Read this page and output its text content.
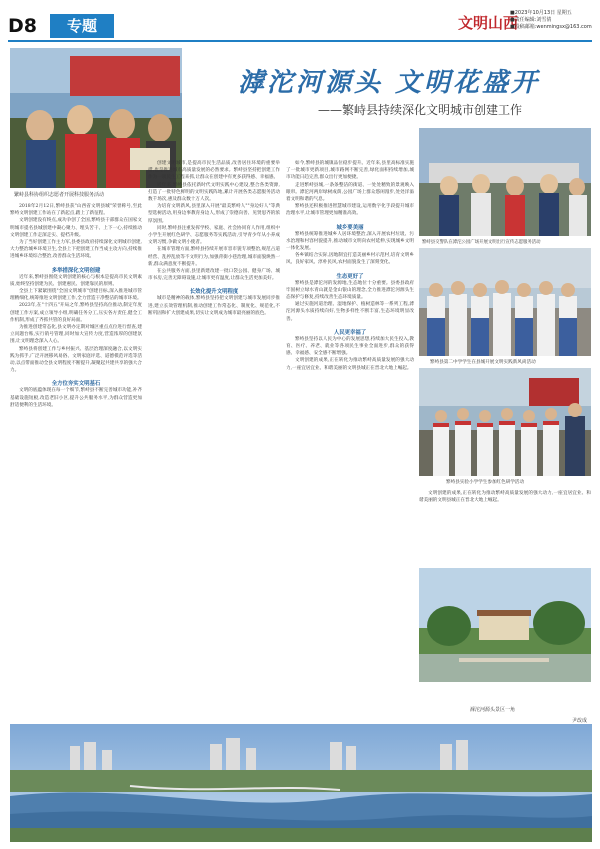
D8	专题	文明山西
■2023年10月13日 星期五
■责任编辑:刘雪倩
■投稿邮箱:wenmingsx@163.com
滹沱河源头 文明花盛开
——繁峙县持续深化文明城市创建工作
繁峙县科协组织志愿者开展科技服务活动
繁峙县交警队在滹沱公园广场开展文明出行宣传志愿服务活动
繁峙县第二中学学生在县城开展文明实践新风尚活动
繁峙县实验小学学生参加红色研学活动
滹沱河源头景区一角

2018年2月12日,繁峙县获"山西省文明县城"荣誉称号,至此繁峙文明创建工作站在了新起点,踏上了新征程。

文明创建没有终点,成功争创了全国,繁峙县干部群众在国家文明城市提名县城创建中凝心聚力、埋头苦干、上下一心,持续推动文明创建工作走深走实、提档升级。

为了当好创建工作主力军,县委县政府持续深化文明城市创建,大力整治城乡环境卫生,全县上下把创建工作当成主攻方向,持续推进城乡环境综合整治,改善群众生活环境。

多举措深化文明创建

近年来,繁峙县围绕文明创建的核心与根本是提高市民文明素质,始终坚持创建为民、创建惠民、创建靠民的原则。

全县上下紧紧围绕"全国文明城市"创建目标,深入推进城市管理精细化,统筹推进文明创建工作,全力营造干净整洁的城市环境。

2023年,在"十四五"开局之年,繁峙县坚持高位推动,制定年度创建工作方案,成立领导小组,明确任务分工,压实各方责任,健全工作机制,形成了齐抓共管的良好局面。

为推进创建常态化,县文明办定期对城区重点点位进行督查,建立问题台账,实行销号管理,同时加大宣传力度,营造浓厚的创建氛围,让文明理念深入人心。

繁峙县将创建工作与乡村振兴、基层治理深度融合,以文明实践为抓手,广泛开展移风易俗、文明家庭评选、道德模范评选等活动,以点带面推动全县文明程度不断提升,凝聚起共建共享的强大合力。

全方位夯实文明基石

文明的底蕴体现在每一个细节,繁峙县不断完善城市功能,补齐基础设施短板,改造老旧小区,提升公共服务水平,为群众营造更加舒适便利的生活环境。

创建文明城市,是提高市民生活品质,改善居住环境的重要举措,也是推进城市高质量发展的必然要求。繁峙县坚持把创建工作作为一项民生工程来抓,让群众在创建中有更多获得感、幸福感。

近年来,繁峙县依托新时代文明实践中心建设,整合各类资源,打造了一批特色鲜明的文明实践阵地,累计开展各类志愿服务活动数千场次,惠及群众数十万人次。

为培育文明新风,县里深入开展"最美繁峙人""身边好人"等典型选树活动,用身边事教育身边人,形成了崇德向善、见贤思齐的浓厚氛围。

同时,繁峙县注重发挥学校、家庭、社会协同育人作用,组织中小学生开展红色研学、志愿服务等实践活动,引导青少年从小养成文明习惯,争做文明小使者。

在城市管理方面,繁峙县持续开展市容市貌专项整治,规范占道经营、乱停乱放等不文明行为,加强背街小巷治理,城市面貌焕然一新,群众满意度不断提升。

在公共服务方面,县里新建改建一批口袋公园、健身广场、城市书房,完善无障碍设施,让城市更有温度,让群众生活更加美好。

长效化提升文明程度

城市是精神的载体,繁峙县坚持把文明创建与城市发展同步推进,建立长效管理机制,推动创建工作常态化、制度化、规范化,不断巩固和扩大创建成果,切实让文明成为城市最亮丽的底色。

如今,繁峙县的城镇品位稳步提升。近年来,县里高标准实施了一批城市更新项目,城市路网不断完善,绿化面积持续增加,城市功能日趋完善,群众出行更加便捷。

走进繁峙县城,一条条整洁的街道、一处处精致的景观映入眼帘。滹沱河两岸绿树成荫,公园广场上群众悠闲漫步,处处洋溢着文明和谐的气息。

繁峙县还积极推进智慧城市建设,运用数字化手段提升城市治理水平,让城市管理更加精准高效。

城乡要美丽

繁峙县统筹推进城乡人居环境整治,深入开展农村垃圾、污水治理和村容村貌提升,推动城市文明向农村延伸,实现城乡文明一体化发展。

各乡镇结合实际,因地制宜打造美丽乡村示范村,培育文明乡风、良好家风、淳朴民风,农村面貌发生了深刻变化。

生态更好了

繁峙县是滹沱河的发源地,生态地位十分重要。县委县政府牢固树立绿水青山就是金山银山的理念,全力推进滹沱河源头生态保护与修复,持续改善生态环境质量。

通过实施河道治理、湿地保护、植树造林等一系列工程,滹沱河源头水质持续向好,生物多样性不断丰富,生态环境明显改善。

人民更幸福了

繁峙县坚持以人民为中心的发展思想,持续加大民生投入,教育、医疗、养老、就业等各项民生事业全面进步,群众的获得感、幸福感、安全感不断增强。

文明创建的成果,正在转化为推动繁峙高质量发展的强大动力,一座宜居宜业、和谐美丽的文明县城正在晋北大地上崛起。

文明创建的成果,正在转化为推动繁峙高质量发展的强大动力,一座宜居宜业、和谐美丽的文明县城正在晋北大地上崛起。

尹改成
